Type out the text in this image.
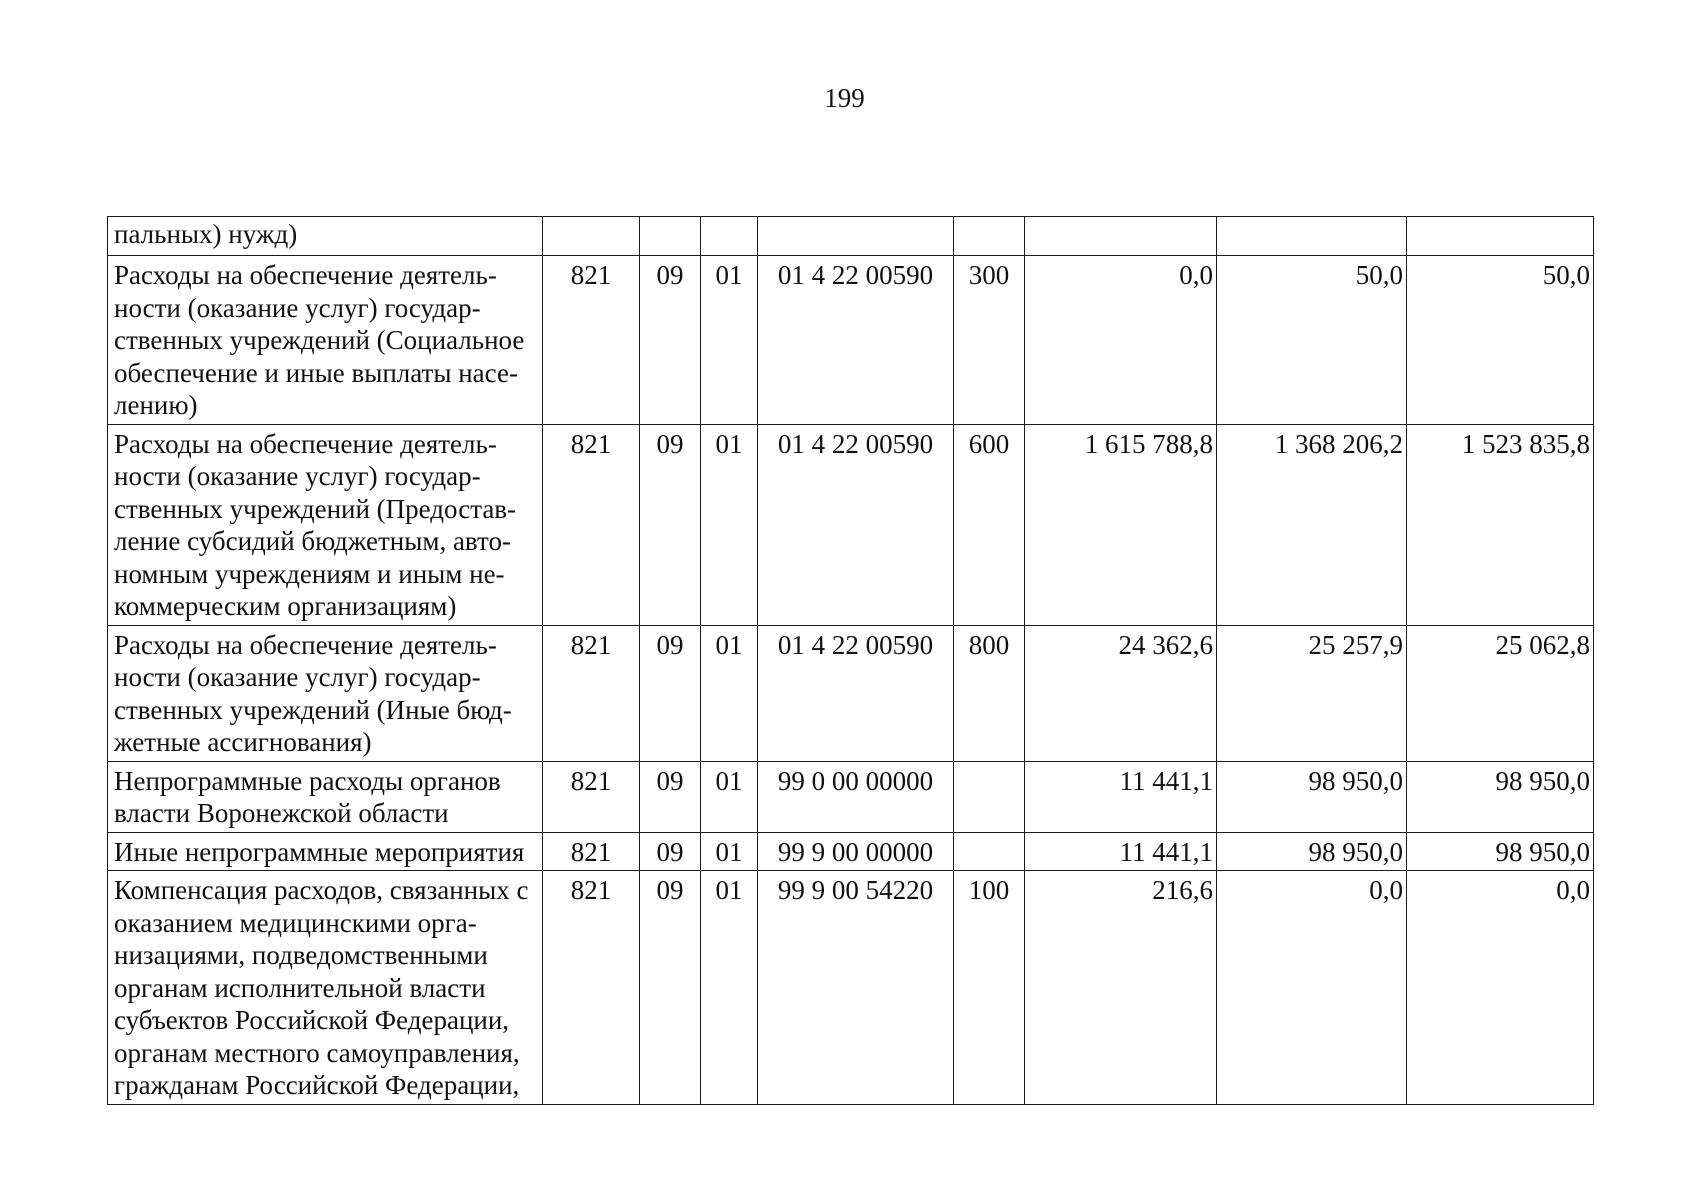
199
пальных) нужд)								
Расходы на обеспечение деятель-ности (оказание услуг) государ-ственных учреждений (Социальное обеспечение и иные выплаты насе-лению)	821	09	01	01 4 22 00590	300	0,0	50,0	50,0
Расходы на обеспечение деятель-ности (оказание услуг) государ-ственных учреждений (Предостав-ление субсидий бюджетным, авто-номным учреждениям и иным не-коммерческим организациям)	821	09	01	01 4 22 00590	600	1 615 788,8	1 368 206,2	1 523 835,8
Расходы на обеспечение деятель-ности (оказание услуг) государ-ственных учреждений (Иные бюд-жетные ассигнования)	821	09	01	01 4 22 00590	800	24 362,6	25 257,9	25 062,8
Непрограммные расходы органов власти Воронежской области	821	09	01	99 0 00 00000		11 441,1	98 950,0	98 950,0
Иные непрограммные мероприятия	821	09	01	99 9 00 00000		11 441,1	98 950,0	98 950,0
Компенсация расходов, связанных с оказанием медицинскими орга-низациями, подведомственными органам исполнительной власти субъектов Российской Федерации, органам местного самоуправления, гражданам Российской Федерации,	821	09	01	99 9 00 54220	100	216,6	0,0	0,0
